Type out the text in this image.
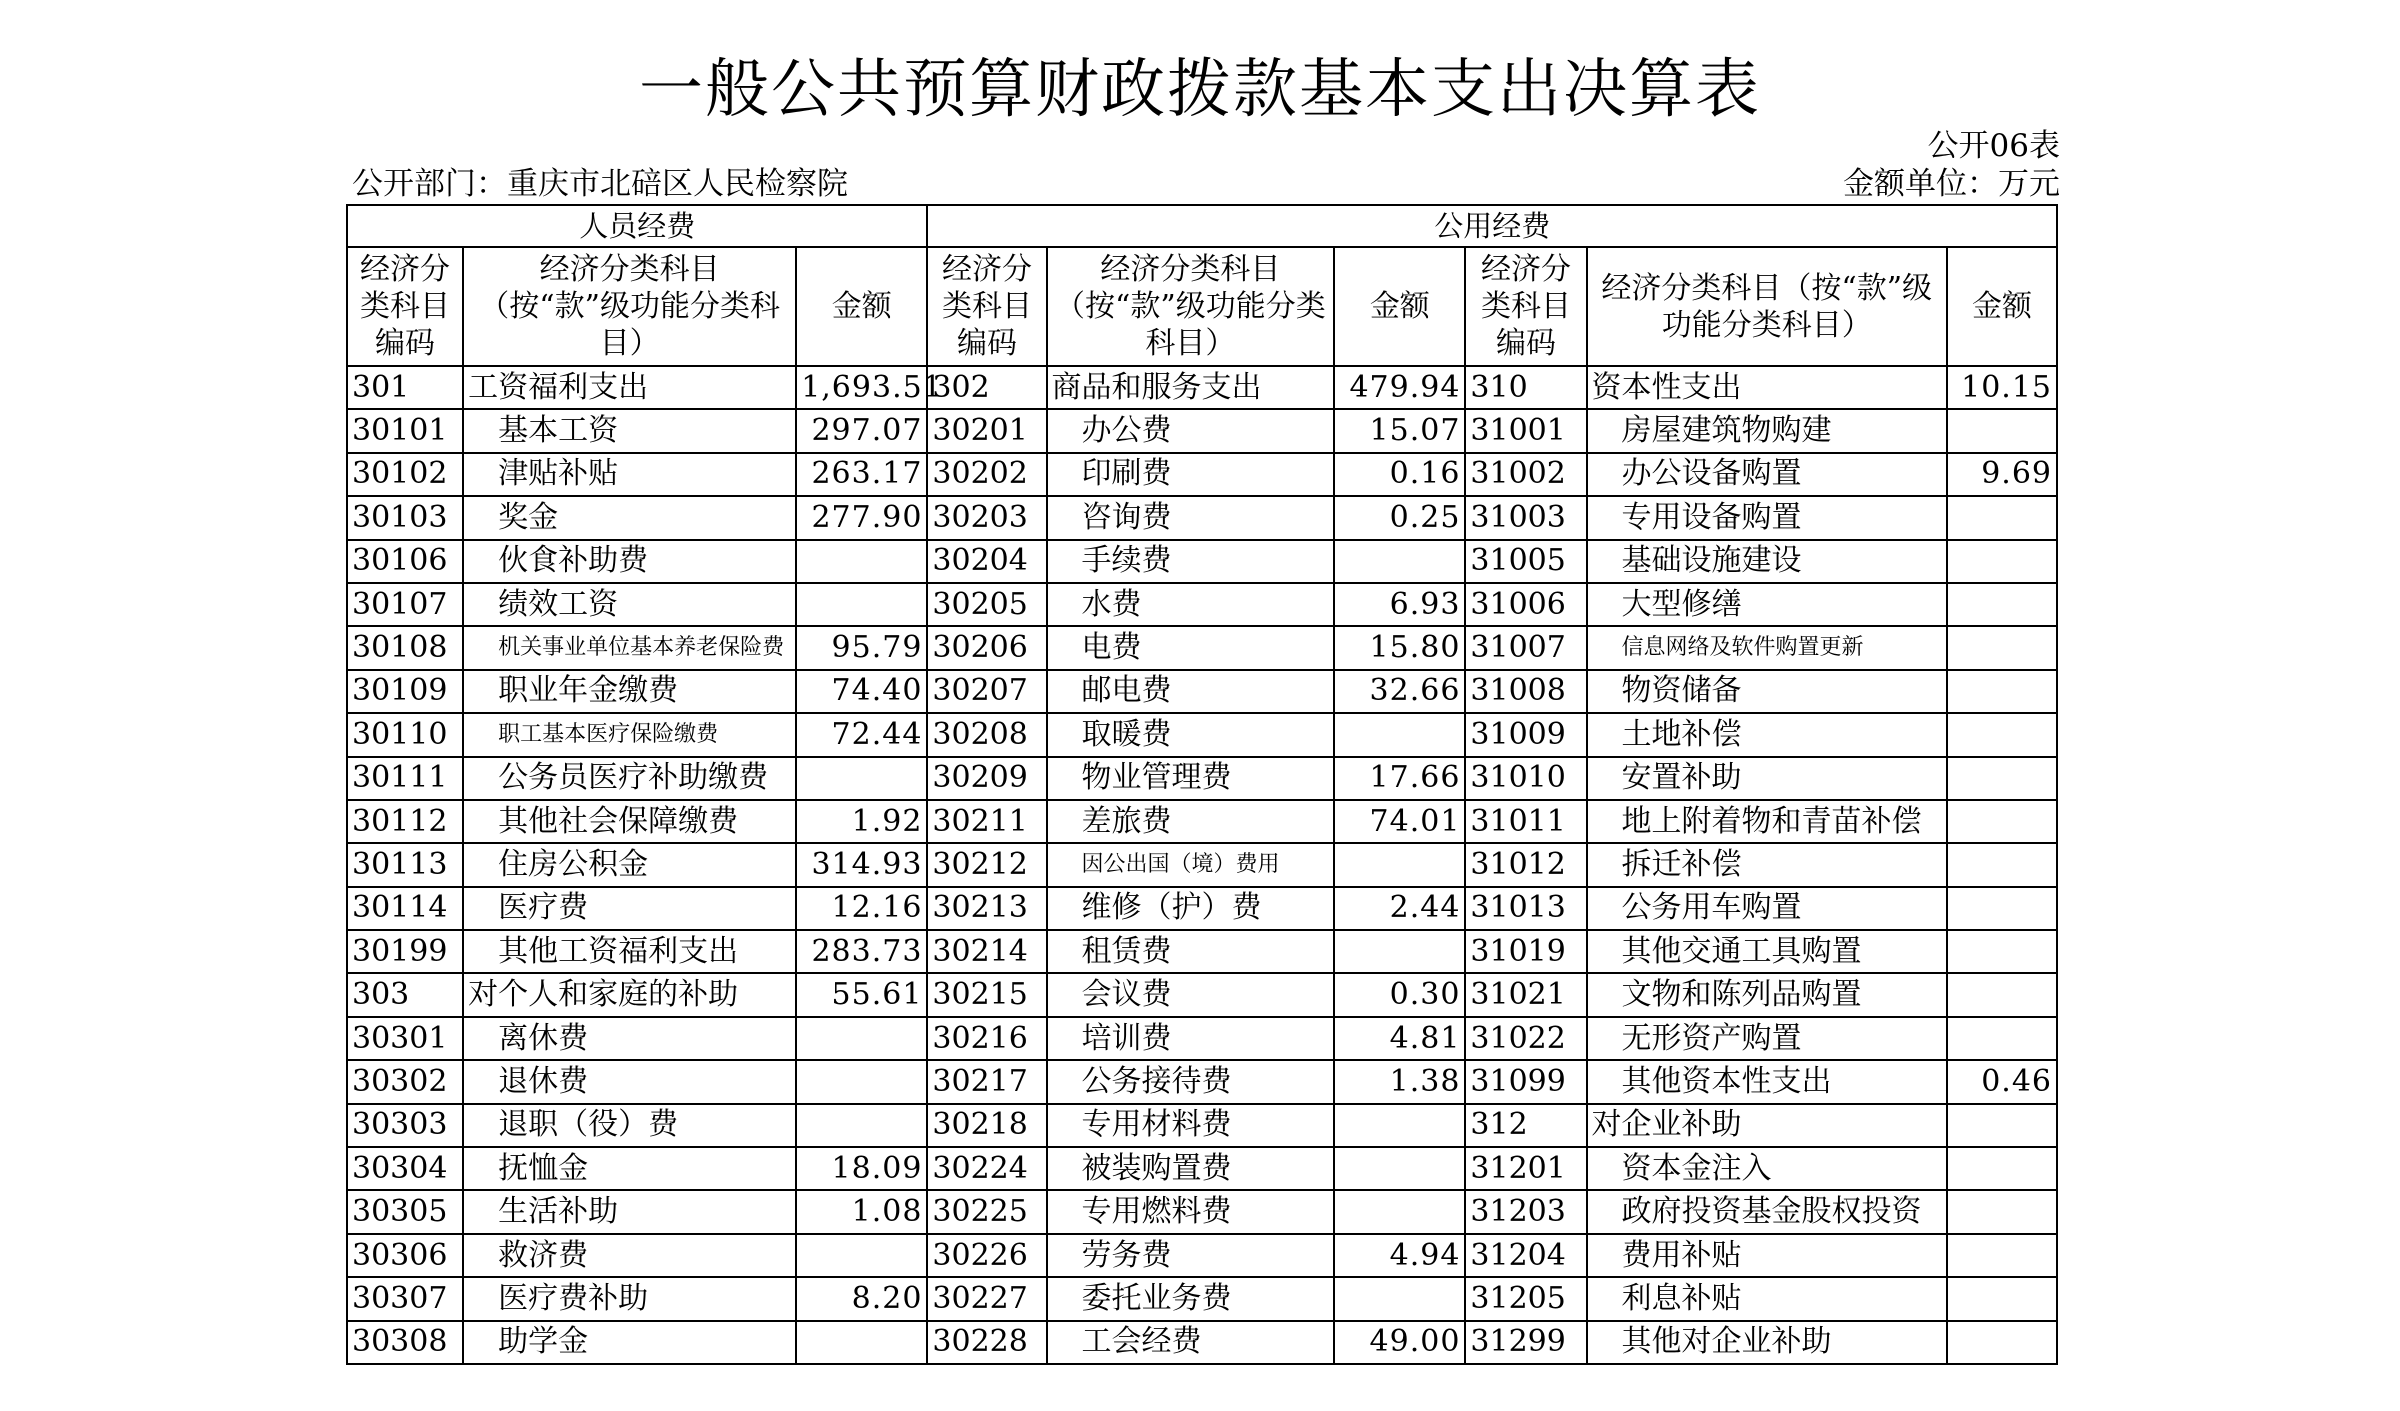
一般公共预算财政拨款基本支出决算表
公开06表
公开部门：重庆市北碚区人民检察院	金额单位：万元
人员经费			公用经费					
经济分类科目编码	经济分类科目（按“款”级功能分类科目）	金额	经济分类科目编码	经济分类科目（按“款”级功能分类科目）	金额	经济分类科目编码	经济分类科目（按“款”级功能分类科目）	金额
301	工资福利支出	1,693.51	302	商品和服务支出	479.94	310	资本性支出	10.15
30101	基本工资	297.07	30201	办公费	15.07	31001	房屋建筑物购建	
30102	津贴补贴	263.17	30202	印刷费	0.16	31002	办公设备购置	9.69
30103	奖金	277.90	30203	咨询费	0.25	31003	专用设备购置	
30106	伙食补助费		30204	手续费		31005	基础设施建设	
30107	绩效工资		30205	水费	6.93	31006	大型修缮	
30108	机关事业单位基本养老保险费	95.79	30206	电费	15.80	31007	信息网络及软件购置更新	
30109	职业年金缴费	74.40	30207	邮电费	32.66	31008	物资储备	
30110	职工基本医疗保险缴费	72.44	30208	取暖费		31009	土地补偿	
30111	公务员医疗补助缴费		30209	物业管理费	17.66	31010	安置补助	
30112	其他社会保障缴费	1.92	30211	差旅费	74.01	31011	地上附着物和青苗补偿	
30113	住房公积金	314.93	30212	因公出国（境）费用		31012	拆迁补偿	
30114	医疗费	12.16	30213	维修（护）费	2.44	31013	公务用车购置	
30199	其他工资福利支出	283.73	30214	租赁费		31019	其他交通工具购置	
303	对个人和家庭的补助	55.61	30215	会议费	0.30	31021	文物和陈列品购置	
30301	离休费		30216	培训费	4.81	31022	无形资产购置	
30302	退休费		30217	公务接待费	1.38	31099	其他资本性支出	0.46
30303	退职（役）费		30218	专用材料费		312	对企业补助	
30304	抚恤金	18.09	30224	被装购置费		31201	资本金注入	
30305	生活补助	1.08	30225	专用燃料费		31203	政府投资基金股权投资	
30306	救济费		30226	劳务费	4.94	31204	费用补贴	
30307	医疗费补助	8.20	30227	委托业务费		31205	利息补贴	
30308	助学金		30228	工会经费	49.00	31299	其他对企业补助	
